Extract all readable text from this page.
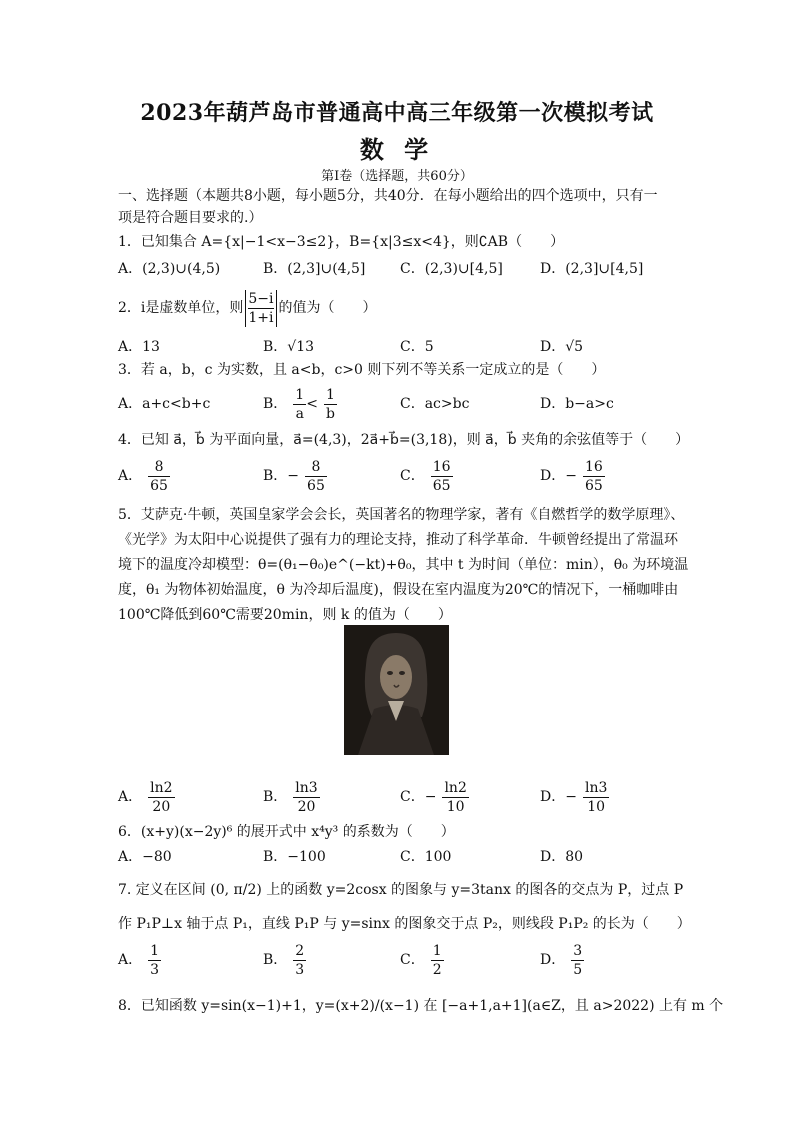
2023年葫芦岛市普通高中高三年级第一次模拟考试
数 学
第Ⅰ卷（选择题，共60分）
一、选择题（本题共8小题，每小题5分，共40分．在每小题给出的四个选项中，只有一
项是符合题目要求的.）
1．已知集合 A={x|−1<x−3≤2}，B={x|3≤x<4}，则∁AB（　　）
A．(2,3)∪(4,5)	B．(2,3]∪(4,5] C．(2,3)∪[4,5]	D．(2,3]∪[4,5]
2．i是虚数单位，则 $\frac{5-i}{1+i}$ 的值为（　　）
A．13	B．√13	C．5	D．√5
3．若 a，b，c 为实数，且 a<b，c>0 则下列不等关系一定成立的是（　　）
A．a+c<b+c	B． $\frac{1}{a} < \frac{1}{b}$	C．ac>bc	D．b−a>c
4．已知 a⃗，b⃗ 为平面向量，a⃗=(4,3)，2a⃗+b⃗=(3,18)，则 a⃗，b⃗ 夹角的余弦值等于（　　）
A． $\frac{8}{65}$	B．− $\frac{8}{65}$	C． $\frac{16}{65}$	D．− $\frac{16}{65}$
5．艾萨克·牛顿，英国皇家学会会长，英国著名的物理学家，著有《自燃哲学的数学原理》、
《光学》为太阳中心说提供了强有力的理论支持，推动了科学革命．牛顿曾经提出了常温环
境下的温度冷却模型：θ=(θ₁−θ₀)e^(−kt)+θ₀，其中 t 为时间（单位：min），θ₀ 为环境温
度，θ₁ 为物体初始温度，θ 为冷却后温度)，假设在室内温度为20℃的情况下，一桶咖啡由
100℃降低到60℃需要20min，则 k 的值为（　　）
A． $\frac{\ln 2}{20}$	B． $\frac{\ln 3}{20}$	C．− $\frac{\ln 2}{10}$	D．− $\frac{\ln 3}{10}$
6．(x+y)(x−2y)⁶ 的展开式中 x⁴y³ 的系数为（　　）
A．−80	B．−100	C．100	D．80
7. 定义在区间 (0, π/2) 上的函数 y=2cosx 的图象与 y=3tanx 的图各的交点为 P，过点 P
作 P₁P⊥x 轴于点 P₁，直线 P₁P 与 y=sinx 的图象交于点 P₂，则线段 P₁P₂ 的长为（　　）
A． $\frac{1}{3}$	B． $\frac{2}{3}$	C． $\frac{1}{2}$	D． $\frac{3}{5}$
8．已知函数 y=sin(x−1)+1，y=(x+2)/(x−1) 在 [−a+1,a+1](a∈Z，且 a>2022) 上有 m 个
